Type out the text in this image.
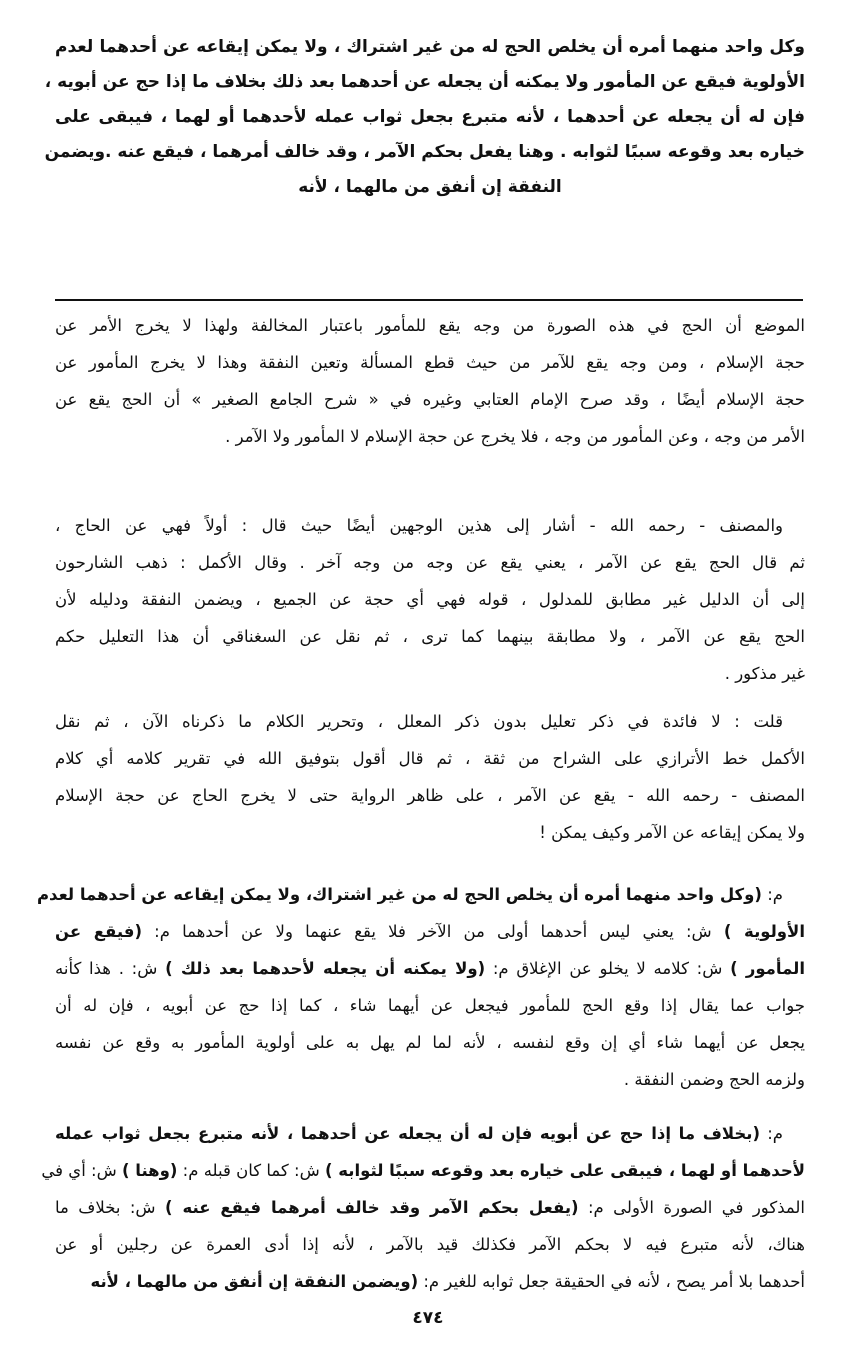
وكل واحد منهما أمره أن يخلص الحج له من غير اشتراك ، ولا يمكن إيقاعه عن أحدهما لعدم
الأولوية فيقع عن المأمور ولا يمكنه أن يجعله عن أحدهما بعد ذلك بخلاف ما إذا حج عن أبويه ،
فإن له أن يجعله عن أحدهما ، لأنه متبرع بجعل ثواب عمله لأحدهما أو لهما ، فيبقى على
خياره بعد وقوعه سببًا لثوابه . وهنا يفعل بحكم الآمر ، وقد خالف أمرهما ، فيقع عنه .ويضمن
النفقة إن أنفق من مالهما ، لأنه
الموضع أن الحج في هذه الصورة من وجه يقع للمأمور باعتبار المخالفة ولهذا لا يخرج الأمر عن
حجة الإسلام ، ومن وجه يقع للآمر من حيث قطع المسألة وتعين النفقة وهذا لا يخرج المأمور عن
حجة الإسلام أيضًا ، وقد صرح الإمام العتابي وغيره في « شرح الجامع الصغير » أن الحج يقع عن
الأمر من وجه ، وعن المأمور من وجه ، فلا يخرج عن حجة الإسلام لا المأمور ولا الآمر .
والمصنف - رحمه الله - أشار إلى هذين الوجهين أيضًا حيث قال : أولاً فهي عن الحاج ،
ثم قال الحج يقع عن الآمر ، يعني يقع عن وجه من وجه آخر . وقال الأكمل : ذهب الشارحون
إلى أن الدليل غير مطابق للمدلول ، قوله فهي أي حجة عن الجميع ، ويضمن النفقة ودليله لأن
الحج يقع عن الآمر ، ولا مطابقة بينهما كما ترى ، ثم نقل عن السغناقي أن هذا التعليل حكم
غير مذكور .
قلت : لا فائدة في ذكر تعليل بدون ذكر المعلل ، وتحرير الكلام ما ذكرناه الآن ، ثم نقل
الأكمل خط الأترازي على الشراح من ثقة ، ثم قال أقول بتوفيق الله في تقرير كلامه أي كلام
المصنف - رحمه الله - يقع عن الآمر ، على ظاهر الرواية حتى لا يخرج الحاج عن حجة الإسلام
ولا يمكن إيقاعه عن الآمر وكيف يمكن !
م: (وكل واحد منهما أمره أن يخلص الحج له من غير اشتراك، ولا يمكن إيقاعه عن أحدهما لعدم
الأولوية ) ش: يعني ليس أحدهما أولى من الآخر فلا يقع عنهما ولا عن أحدهما م: (فيقع عن
المأمور ) ش: كلامه لا يخلو عن الإغلاق م: (ولا يمكنه أن يجعله لأحدهما بعد ذلك ) ش: . هذا كأنه
جواب عما يقال إذا وقع الحج للمأمور فيجعل عن أيهما شاء ، كما إذا حج عن أبويه ، فإن له أن
يجعل عن أيهما شاء أي إن وقع لنفسه ، لأنه لما لم يهل به على أولوية المأمور به وقع عن نفسه
ولزمه الحج وضمن النفقة .
م: (بخلاف ما إذا حج عن أبويه فإن له أن يجعله عن أحدهما ، لأنه متبرع بجعل ثواب عمله
لأحدهما أو لهما ، فيبقى على خياره بعد وقوعه سببًا لثوابه ) ش: كما كان قبله م: (وهنا ) ش: أي في
المذكور في الصورة الأولى م: (يفعل بحكم الآمر وقد خالف أمرهما فيقع عنه ) ش: بخلاف ما
هناك، لأنه متبرع فيه لا بحكم الآمر فكذلك قيد بالآمر ، لأنه إذا أدى العمرة عن رجلين أو عن
أحدهما بلا أمر يصح ، لأنه في الحقيقة جعل ثوابه للغير م: (ويضمن النفقة إن أنفق من مالهما ، لأنه
٤٧٤
